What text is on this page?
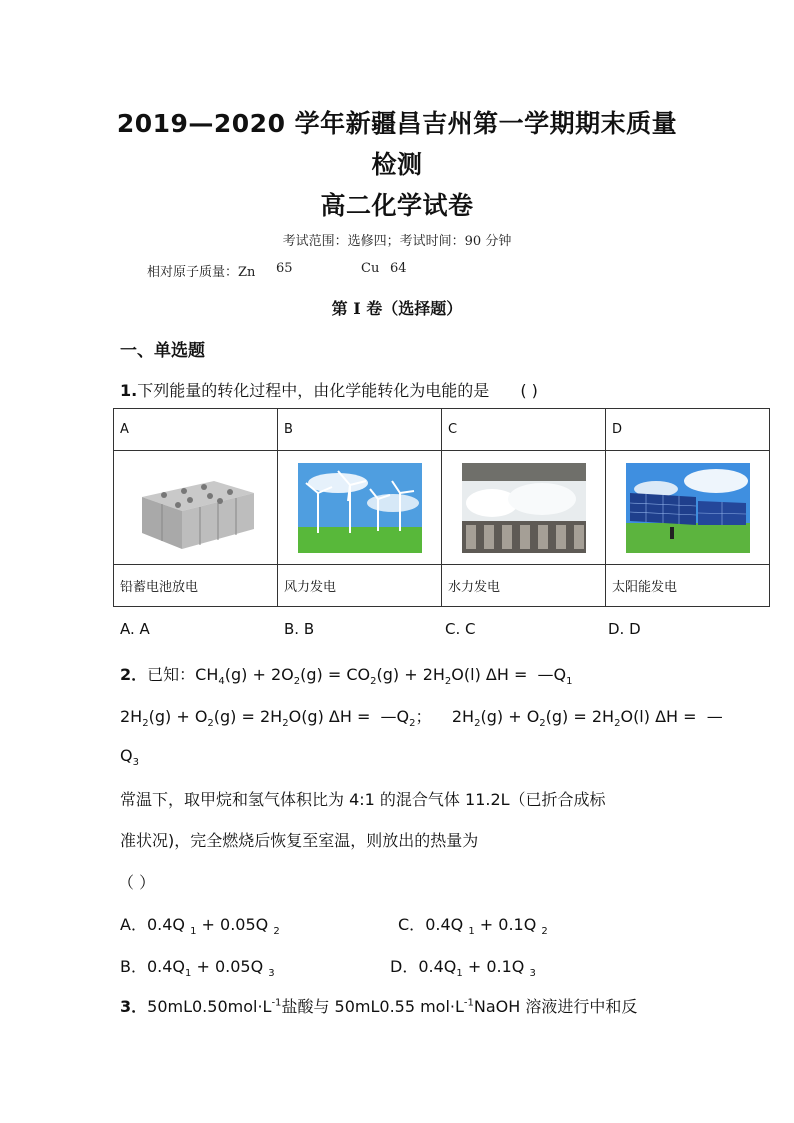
2019—2020 学年新疆昌吉州第一学期期末质量
检测
高二化学试卷
考试范围：选修四；考试时间：90 分钟
相对原子质量：Zn 65	Cu 64
第 I 卷（选择题）
一、单选题
1.下列能量的转化过程中，由化学能转化为电能的是 ( )
A	B	C	D

铅蓄电池放电	风力发电	水力发电	太阳能发电
A. A	B. B	C. C	D. D
2．已知：$CH_4(g) + 2O_2(g) = CO_2(g) + 2H_2O(l) \Delta H$ =  $—Q_1$
$2H_2(g) + O_2(g) = 2H_2O(g) \Delta H$ =  $—Q_2$；    $2H_2(g) + O_2(g) = 2H_2O(l) \Delta H$ =  —
$Q_3$
常温下，取甲烷和氢气体积比为 4:1 的混合气体 11.2L（已折合成标
准状况)，完全燃烧后恢复至室温，则放出的热量为
（ ）
A．0.4Q $_1$ + 0.05Q $_2$	C．0.4Q $_1$ + 0.1Q $_2$
B．$0.4Q_1 + 0.05Q$ $_3$	D．$0.4Q_1 + 0.1Q$ $_3$
3．$50mL0.50mol\cdot L^{-1}$盐酸与 50mL0.55 $mol\cdot L^{-1}NaOH$ 溶液进行中和反
